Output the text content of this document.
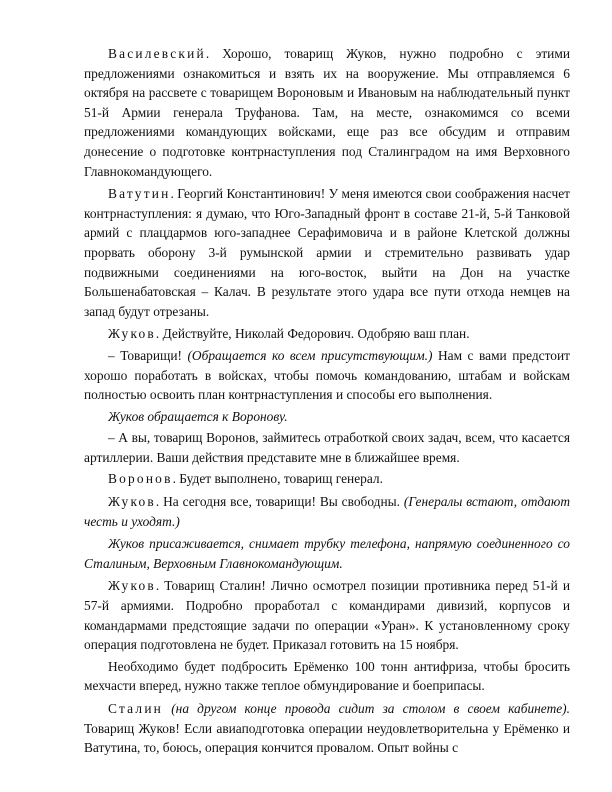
Василевский. Хорошо, товарищ Жуков, нужно подробно с этими предложениями ознакомиться и взять их на вооружение. Мы отправляемся 6 октября на рассвете с товарищем Вороновым и Ивановым на наблюдательный пункт 51-й Армии генерала Труфанова. Там, на месте, ознакомимся со всеми предложениями командующих войсками, еще раз все обсудим и отправим донесение о подготовке контрнаступления под Сталинградом на имя Верховного Главнокомандующего.

Ватутин. Георгий Константинович! У меня имеются свои соображения насчет контрнаступления: я думаю, что Юго-Западный фронт в составе 21-й, 5-й Танковой армий с плацдармов юго-западнее Серафимовича и в районе Клетской должны прорвать оборону 3-й румынской армии и стремительно развивать удар подвижными соединениями на юго-восток, выйти на Дон на участке Большенабатовская – Калач. В результате этого удара все пути отхода немцев на запад будут отрезаны.

Жуков. Действуйте, Николай Федорович. Одобряю ваш план.

– Товарищи! (Обращается ко всем присутствующим.) Нам с вами предстоит хорошо поработать в войсках, чтобы помочь командованию, штабам и войскам полностью освоить план контрнаступления и способы его выполнения.

Жуков обращается к Воронову.

– А вы, товарищ Воронов, займитесь отработкой своих задач, всем, что касается артиллерии. Ваши действия представите мне в ближайшее время.

Воронов. Будет выполнено, товарищ генерал.

Жуков. На сегодня все, товарищи! Вы свободны. (Генералы встают, отдают честь и уходят.)

Жуков присаживается, снимает трубку телефона, напрямую соединенного со Сталиным, Верховным Главнокомандующим.

Жуков. Товарищ Сталин! Лично осмотрел позиции противника перед 51-й и 57-й армиями. Подробно проработал с командирами дивизий, корпусов и командармами предстоящие задачи по операции «Уран». К установленному сроку операция подготовлена не будет. Приказал готовить на 15 ноября.

Необходимо будет подбросить Ерёменко 100 тонн антифриза, чтобы бросить мехчасти вперед, нужно также теплое обмундирование и боеприпасы.

Сталин (на другом конце провода сидит за столом в своем кабинете). Товарищ Жуков! Если авиаподготовка операции неудовлетворительна у Ерёменко и Ватутина, то, боюсь, операция кончится провалом. Опыт войны с
